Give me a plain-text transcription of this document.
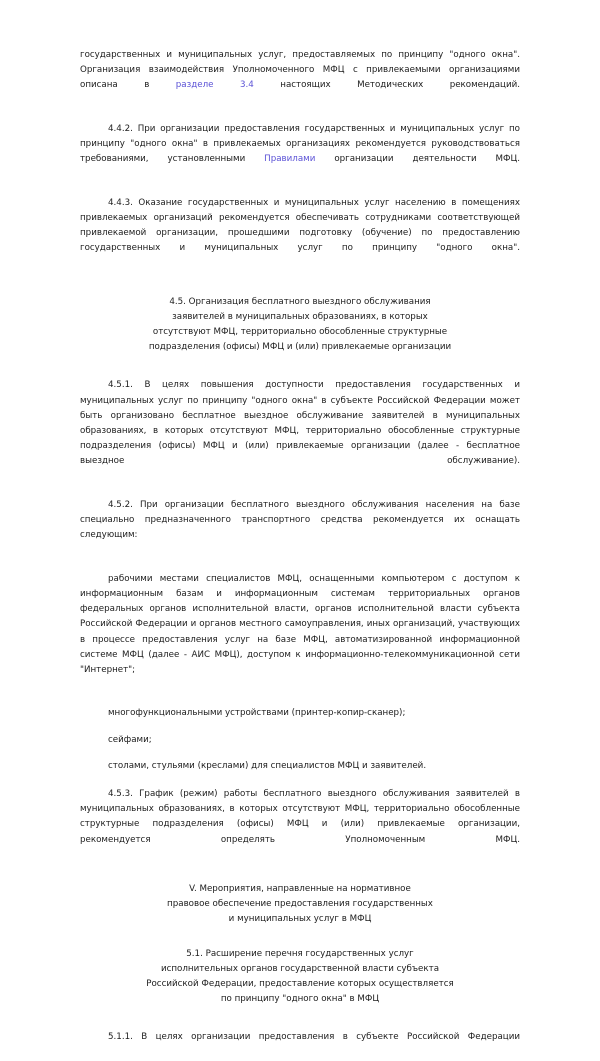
государственных и муниципальных услуг, предоставляемых по принципу "одного окна". Организация взаимодействия Уполномоченного МФЦ с привлекаемыми организациями описана в разделе 3.4 настоящих Методических рекомендаций.

4.4.2. При организации предоставления государственных и муниципальных услуг по принципу "одного окна" в привлекаемых организациях рекомендуется руководствоваться требованиями, установленными Правилами организации деятельности МФЦ.

4.4.3. Оказание государственных и муниципальных услуг населению в помещениях привлекаемых организаций рекомендуется обеспечивать сотрудниками соответствующей привлекаемой организации, прошедшими подготовку (обучение) по предоставлению государственных и муниципальных услуг по принципу "одного окна".

4.5. Организация бесплатного выездного обслуживания

заявителей в муниципальных образованиях, в которых

отсутствуют МФЦ, территориально обособленные структурные

подразделения (офисы) МФЦ и (или) привлекаемые организации

4.5.1. В целях повышения доступности предоставления государственных и муниципальных услуг по принципу "одного окна" в субъекте Российской Федерации может быть организовано бесплатное выездное обслуживание заявителей в муниципальных образованиях, в которых отсутствуют МФЦ, территориально обособленные структурные подразделения (офисы) МФЦ и (или) привлекаемые организации (далее - бесплатное выездное обслуживание).

4.5.2. При организации бесплатного выездного обслуживания населения на базе специально предназначенного транспортного средства рекомендуется их оснащать следующим:

рабочими местами специалистов МФЦ, оснащенными компьютером с доступом к информационным базам и информационным системам территориальных органов федеральных органов исполнительной власти, органов исполнительной власти субъекта Российской Федерации и органов местного самоуправления, иных организаций, участвующих в процессе предоставления услуг на базе МФЦ, автоматизированной информационной системе МФЦ (далее - АИС МФЦ), доступом к информационно-телекоммуникационной сети "Интернет";

многофункциональными устройствами (принтер-копир-сканер);

сейфами;

столами, стульями (креслами) для специалистов МФЦ и заявителей.

4.5.3. График (режим) работы бесплатного выездного обслуживания заявителей в муниципальных образованиях, в которых отсутствуют МФЦ, территориально обособленные структурные подразделения (офисы) МФЦ и (или) привлекаемые организации, рекомендуется определять Уполномоченным МФЦ.

V. Мероприятия, направленные на нормативное

правовое обеспечение предоставления государственных

и муниципальных услуг в МФЦ

5.1. Расширение перечня государственных услуг

исполнительных органов государственной власти субъекта

Российской Федерации, предоставление которых осуществляется

по принципу "одного окна" в МФЦ

5.1.1. В целях организации предоставления в субъекте Российской Федерации
